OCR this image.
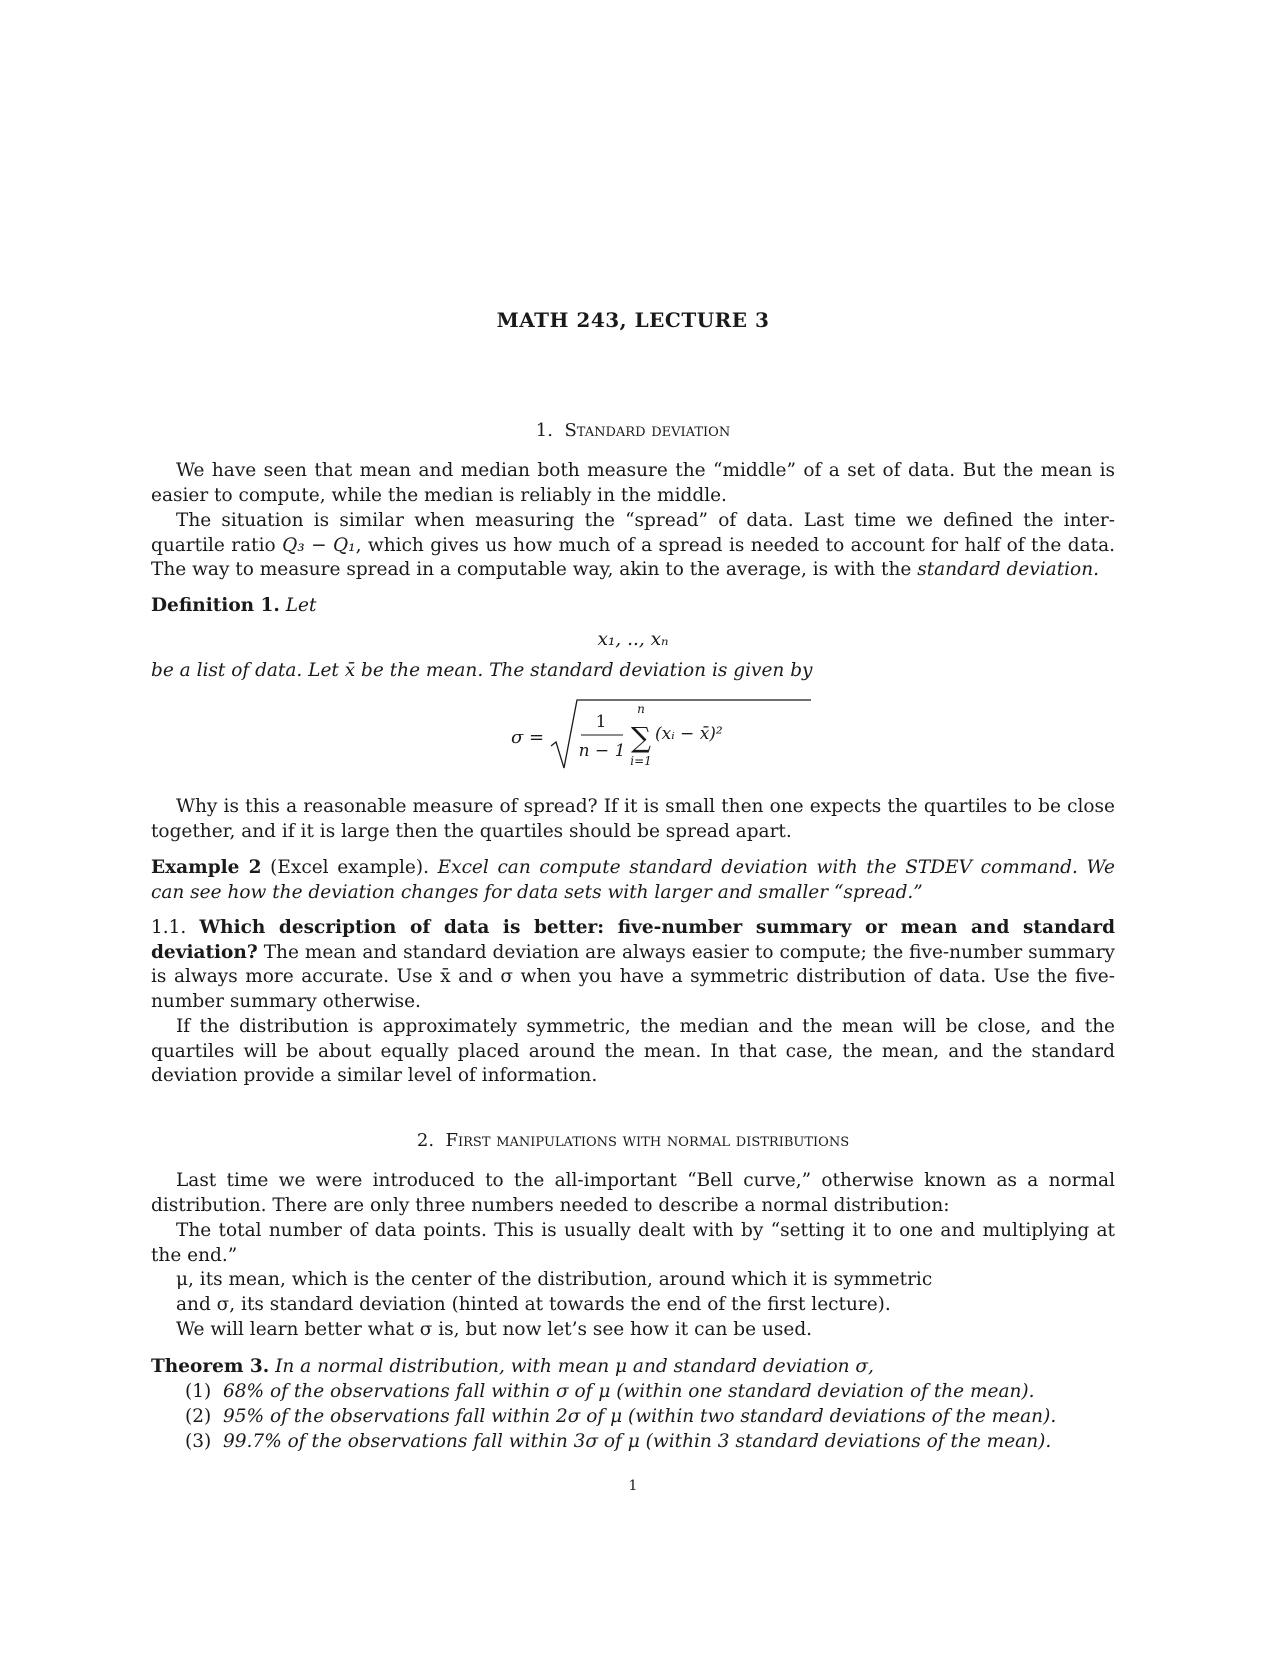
MATH 243, LECTURE 3
1. Standard deviation
We have seen that mean and median both measure the “middle” of a set of data. But the mean is easier to compute, while the median is reliably in the middle.
The situation is similar when measuring the “spread” of data. Last time we defined the inter-quartile ratio Q₃ − Q₁, which gives us how much of a spread is needed to account for half of the data. The way to measure spread in a computable way, akin to the average, is with the standard deviation.
Definition 1. Let
x₁, .., xₙ
be a list of data. Let x̄ be the mean. The standard deviation is given by
σ =
1
n − 1
n
∑
i=1
(xᵢ − x̄)²
Why is this a reasonable measure of spread? If it is small then one expects the quartiles to be close together, and if it is large then the quartiles should be spread apart.
Example 2 (Excel example). Excel can compute standard deviation with the STDEV command. We can see how the deviation changes for data sets with larger and smaller “spread.”
1.1. Which description of data is better: five-number summary or mean and standard deviation? The mean and standard deviation are always easier to compute; the five-number summary is always more accurate. Use x̄ and σ when you have a symmetric distribution of data. Use the five-number summary otherwise.
If the distribution is approximately symmetric, the median and the mean will be close, and the quartiles will be about equally placed around the mean. In that case, the mean, and the standard deviation provide a similar level of information.
2. First manipulations with normal distributions
Last time we were introduced to the all-important “Bell curve,” otherwise known as a normal distribution. There are only three numbers needed to describe a normal distribution:
The total number of data points. This is usually dealt with by “setting it to one and multiplying at the end.”
μ, its mean, which is the center of the distribution, around which it is symmetric
and σ, its standard deviation (hinted at towards the end of the first lecture).
We will learn better what σ is, but now let’s see how it can be used.
Theorem 3. In a normal distribution, with mean μ and standard deviation σ,
(1) 68% of the observations fall within σ of μ (within one standard deviation of the mean).
(2) 95% of the observations fall within 2σ of μ (within two standard deviations of the mean).
(3) 99.7% of the observations fall within 3σ of μ (within 3 standard deviations of the mean).
1
